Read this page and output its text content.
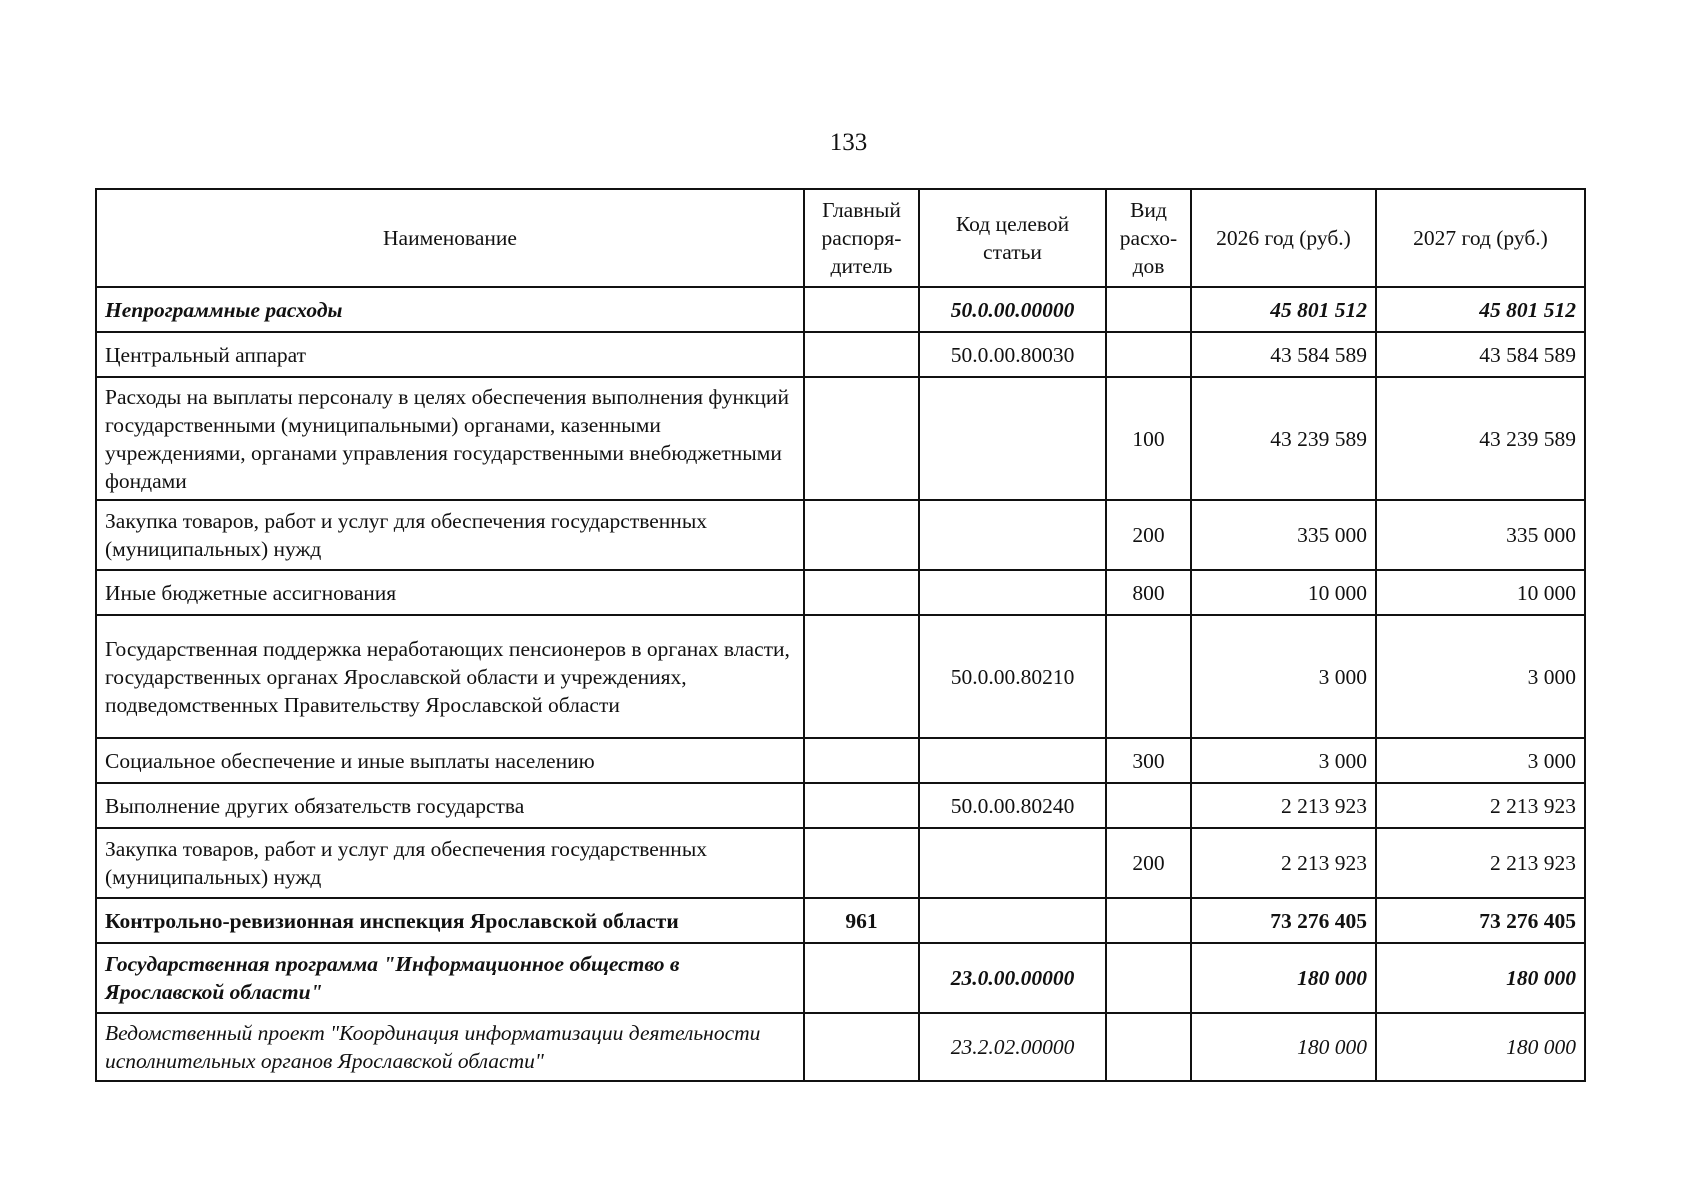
133
Наименование	Главный распоря-дитель	Код целевой статьи	Вид расхо-дов	2026 год (руб.)	2027 год (руб.)
Непрограммные расходы		50.0.00.00000		45 801 512	45 801 512
Центральный аппарат		50.0.00.80030		43 584 589	43 584 589
Расходы на выплаты персоналу в целях обеспечения выполнения функций государственными (муниципальными) органами, казенными учреждениями, органами управления государственными внебюджетными фондами			100	43 239 589	43 239 589
Закупка товаров, работ и услуг для обеспечения государственных (муниципальных) нужд			200	335 000	335 000
Иные бюджетные ассигнования			800	10 000	10 000
Государственная поддержка неработающих пенсионеров в органах власти, государственных органах Ярославской области и учреждениях, подведомственных Правительству Ярославской области		50.0.00.80210		3 000	3 000
Социальное обеспечение и иные выплаты населению			300	3 000	3 000
Выполнение других обязательств государства		50.0.00.80240		2 213 923	2 213 923
Закупка товаров, работ и услуг для обеспечения государственных (муниципальных) нужд			200	2 213 923	2 213 923
Контрольно-ревизионная инспекция Ярославской области	961			73 276 405	73 276 405
Государственная программа "Информационное общество в Ярославской области"		23.0.00.00000		180 000	180 000
Ведомственный проект "Координация информатизации деятельности исполнительных органов Ярославской области"		23.2.02.00000		180 000	180 000
